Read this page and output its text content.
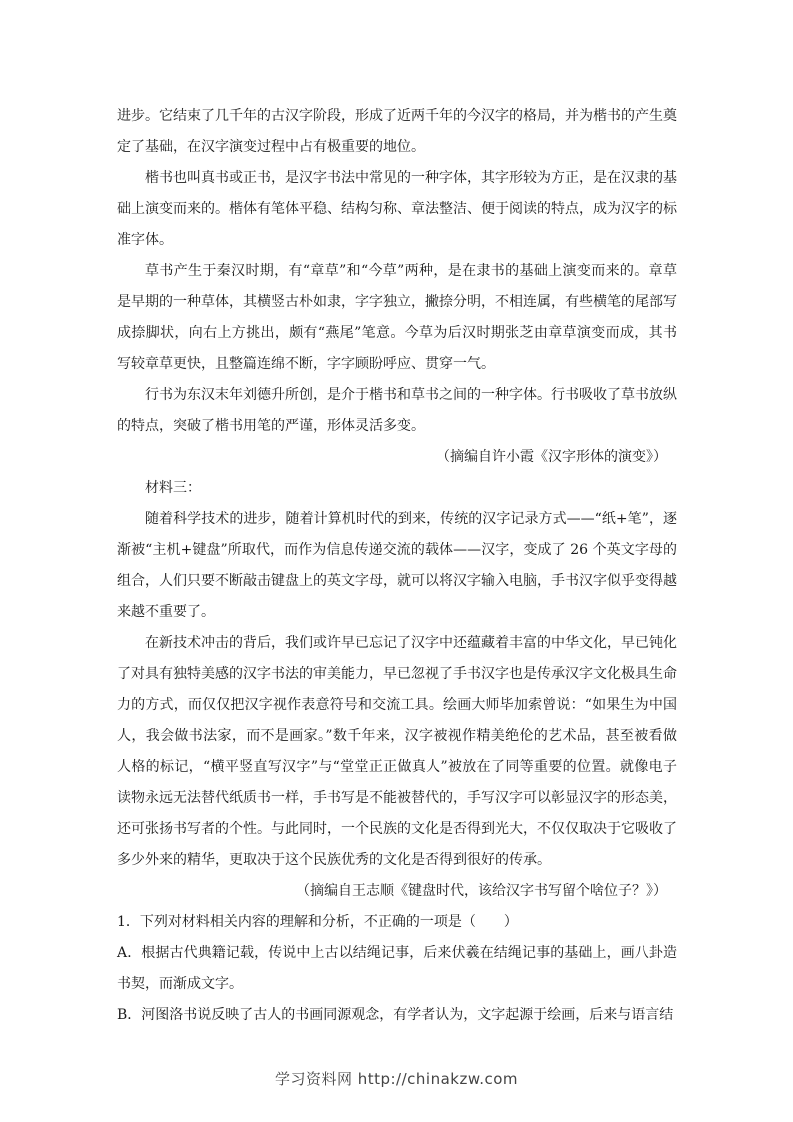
进步。它结束了几千年的古汉字阶段，形成了近两千年的今汉字的格局，并为楷书的产生奠定了基础，在汉字演变过程中占有极重要的地位。

楷书也叫真书或正书，是汉字书法中常见的一种字体，其字形较为方正，是在汉隶的基础上演变而来的。楷体有笔体平稳、结构匀称、章法整洁、便于阅读的特点，成为汉字的标准字体。

草书产生于秦汉时期，有“章草”和“今草”两种，是在隶书的基础上演变而来的。章草是早期的一种草体，其横竖古朴如隶，字字独立，撇捺分明，不相连属，有些横笔的尾部写成捺脚状，向右上方挑出，颇有“燕尾”笔意。今草为后汉时期张芝由章草演变而成，其书写较章草更快，且整篇连绵不断，字字顾盼呼应、贯穿一气。

行书为东汉末年刘德升所创，是介于楷书和草书之间的一种字体。行书吸收了草书放纵的特点，突破了楷书用笔的严谨，形体灵活多变。

（摘编自许小霞《汉字形体的演变》）

材料三：

随着科学技术的进步，随着计算机时代的到来，传统的汉字记录方式——“纸+笔”，逐渐被“主机+键盘”所取代，而作为信息传递交流的载体——汉字，变成了 26 个英文字母的组合，人们只要不断敲击键盘上的英文字母，就可以将汉字输入电脑，手书汉字似乎变得越来越不重要了。

在新技术冲击的背后，我们或许早已忘记了汉字中还蕴藏着丰富的中华文化，早已钝化了对具有独特美感的汉字书法的审美能力，早已忽视了手书汉字也是传承汉字文化极具生命力的方式，而仅仅把汉字视作表意符号和交流工具。绘画大师毕加索曾说：“如果生为中国人，我会做书法家，而不是画家。”数千年来，汉字被视作精美绝伦的艺术品，甚至被看做人格的标记，“横平竖直写汉字”与“堂堂正正做真人”被放在了同等重要的位置。就像电子读物永远无法替代纸质书一样，手书写是不能被替代的，手写汉字可以彰显汉字的形态美，还可张扬书写者的个性。与此同时，一个民族的文化是否得到光大，不仅仅取决于它吸收了多少外来的精华，更取决于这个民族优秀的文化是否得到很好的传承。

（摘编自王志顺《键盘时代，该给汉字书写留个啥位子？》）

1．下列对材料相关内容的理解和分析，不正确的一项是（　　）

A．根据古代典籍记载，传说中上古以结绳记事，后来伏羲在结绳记事的基础上，画八卦造书契，而渐成文字。

B．河图洛书说反映了古人的书画同源观念，有学者认为，文字起源于绘画，后来与语言结

学习资料网 http://chinakzw.com
